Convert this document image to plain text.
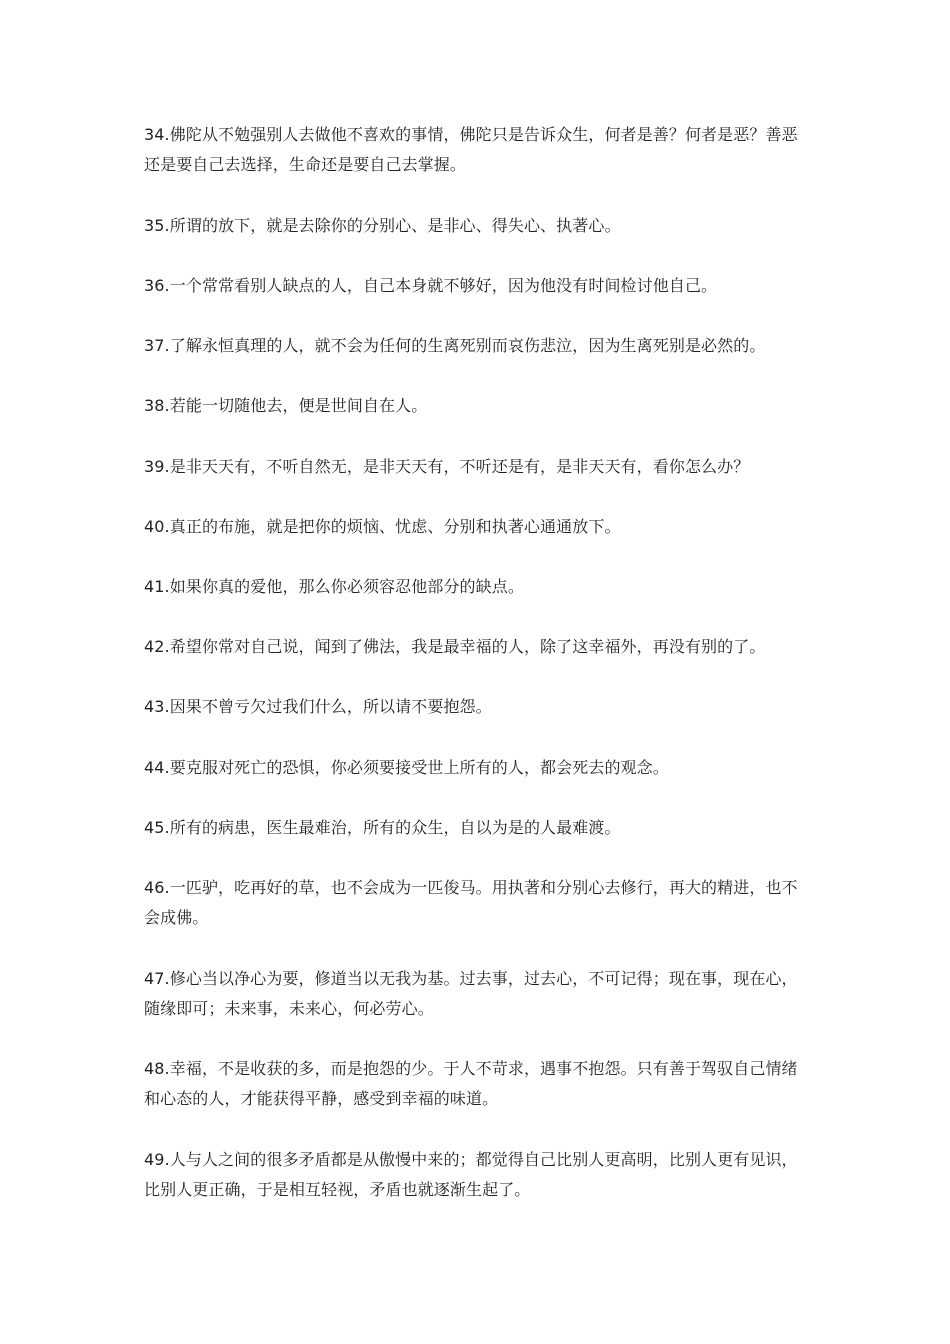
34.佛陀从不勉强别人去做他不喜欢的事情，佛陀只是告诉众生，何者是善？何者是恶？善恶还是要自己去选择，生命还是要自己去掌握。

35.所谓的放下，就是去除你的分别心、是非心、得失心、执著心。

36.一个常常看别人缺点的人，自己本身就不够好，因为他没有时间检讨他自己。

37.了解永恒真理的人，就不会为任何的生离死别而哀伤悲泣，因为生离死别是必然的。

38.若能一切随他去，便是世间自在人。

39.是非天天有，不听自然无，是非天天有，不听还是有，是非天天有，看你怎么办？

40.真正的布施，就是把你的烦恼、忧虑、分别和执著心通通放下。

41.如果你真的爱他，那么你必须容忍他部分的缺点。

42.希望你常对自己说，闻到了佛法，我是最幸福的人，除了这幸福外，再没有别的了。

43.因果不曾亏欠过我们什么，所以请不要抱怨。

44.要克服对死亡的恐惧，你必须要接受世上所有的人，都会死去的观念。

45.所有的病患，医生最难治，所有的众生，自以为是的人最难渡。

46.一匹驴，吃再好的草，也不会成为一匹俊马。用执著和分别心去修行，再大的精进，也不会成佛。

47.修心当以净心为要，修道当以无我为基。过去事，过去心，不可记得；现在事，现在心，随缘即可；未来事，未来心，何必劳心。

48.幸福，不是收获的多，而是抱怨的少。于人不苛求，遇事不抱怨。只有善于驾驭自己情绪和心态的人，才能获得平静，感受到幸福的味道。

49.人与人之间的很多矛盾都是从傲慢中来的；都觉得自己比别人更高明，比别人更有见识，比别人更正确，于是相互轻视，矛盾也就逐渐生起了。
